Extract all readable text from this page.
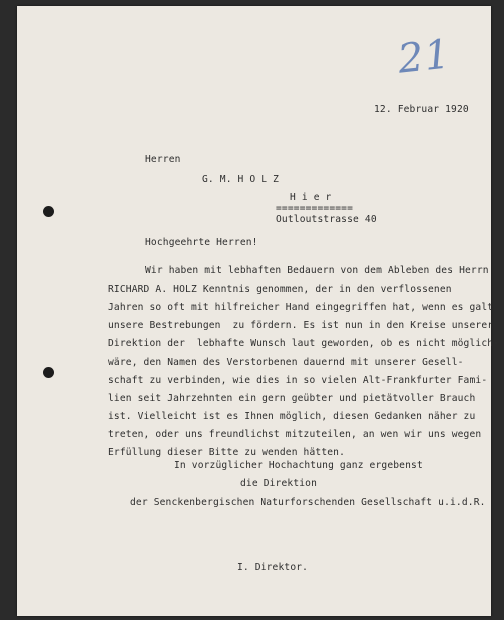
21
12. Februar 1920
Herren
G. M. H O L Z
H i e r
=============
Outloutstrasse 40
Hochgeehrte Herren!
Wir haben mit lebhaften Bedauern von dem Ableben des Herrn
RICHARD A. HOLZ Kenntnis genommen, der in den verflossenen
Jahren so oft mit hilfreicher Hand eingegriffen hat, wenn es galt
unsere Bestrebungen  zu fördern. Es ist nun in den Kreise unserer
Direktion der  lebhafte Wunsch laut geworden, ob es nicht möglich-
wäre, den Namen des Verstorbenen dauernd mit unserer Gesell-
schaft zu verbinden, wie dies in so vielen Alt-Frankfurter Fami-
lien seit Jahrzehnten ein gern geübter und pietätvoller Brauch
ist. Vielleicht ist es Ihnen möglich, diesen Gedanken näher zu
treten, oder uns freundlichst mitzuteilen, an wen wir uns wegen
Erfüllung dieser Bitte zu wenden hätten.
In vorzüglicher Hochachtung ganz ergebenst
die Direktion
der Senckenbergischen Naturforschenden Gesellschaft u.i.d.R.
I. Direktor.
